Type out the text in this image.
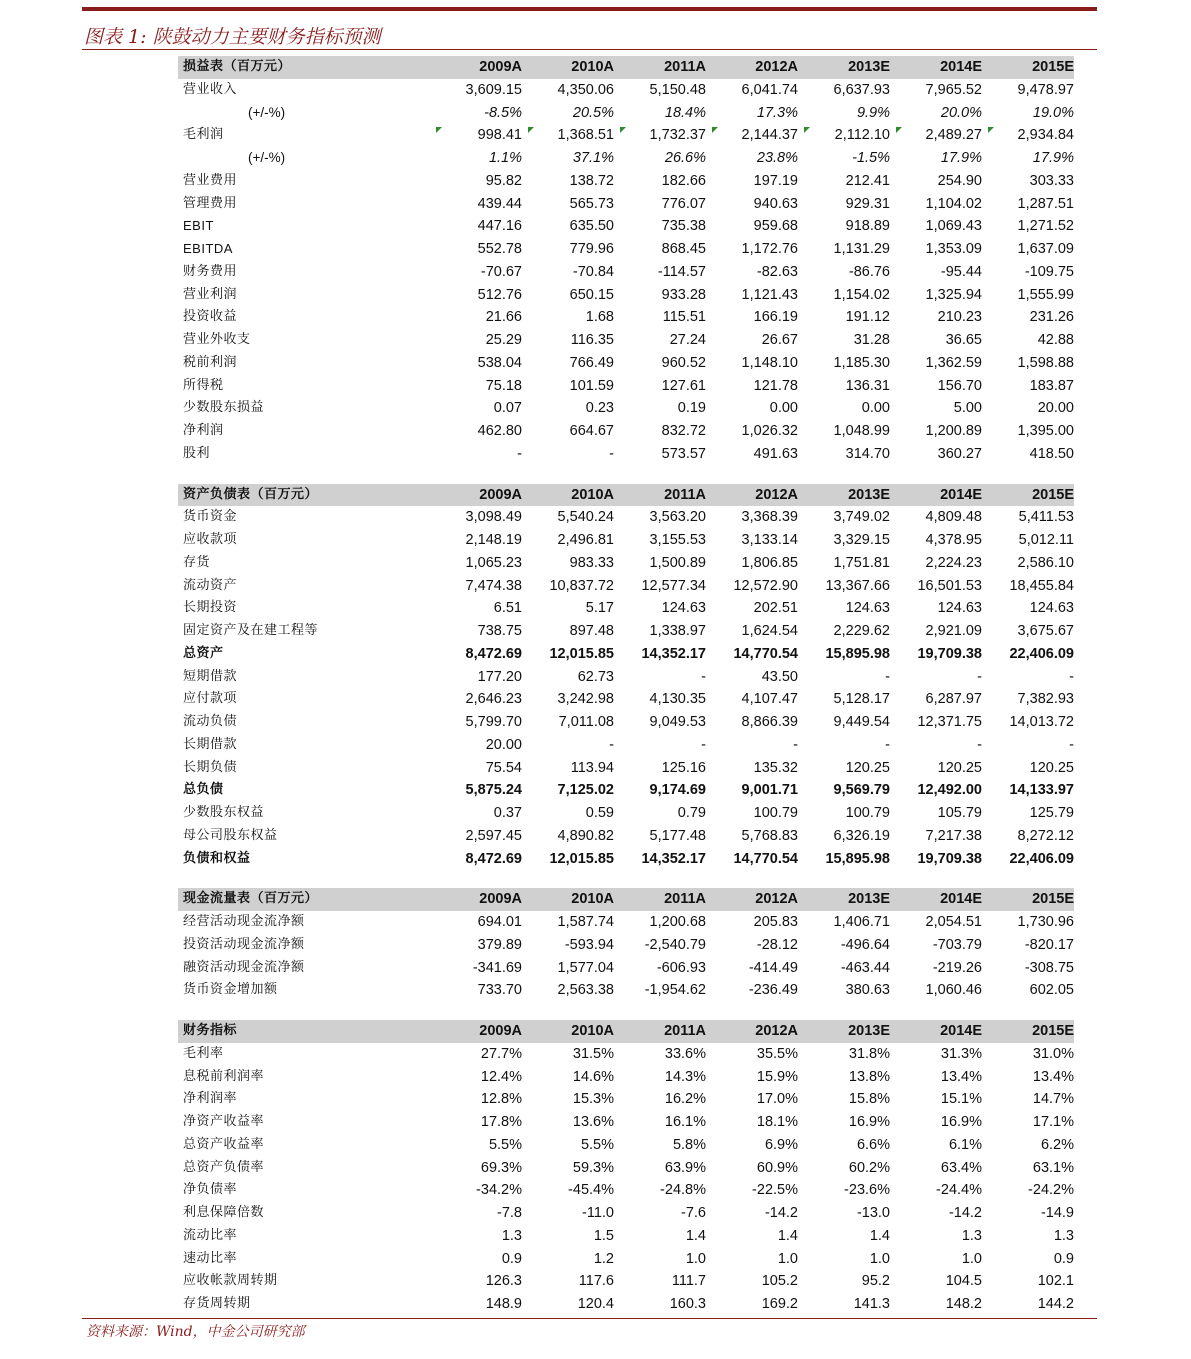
图表 1: 陕鼓动力主要财务指标预测
损益表（百万元）	2009A	2010A	2011A	2012A	2013E	2014E	2015E
营业收入	3,609.15	4,350.06	5,150.48	6,041.74	6,637.93	7,965.52	9,478.97
(+/-%)	-8.5%	20.5%	18.4%	17.3%	9.9%	20.0%	19.0%
毛利润	998.41	1,368.51	1,732.37	2,144.37	2,112.10	2,489.27	2,934.84
(+/-%)	1.1%	37.1%	26.6%	23.8%	-1.5%	17.9%	17.9%
营业费用	95.82	138.72	182.66	197.19	212.41	254.90	303.33
管理费用	439.44	565.73	776.07	940.63	929.31	1,104.02	1,287.51
EBIT	447.16	635.50	735.38	959.68	918.89	1,069.43	1,271.52
EBITDA	552.78	779.96	868.45	1,172.76	1,131.29	1,353.09	1,637.09
财务费用	-70.67	-70.84	-114.57	-82.63	-86.76	-95.44	-109.75
营业利润	512.76	650.15	933.28	1,121.43	1,154.02	1,325.94	1,555.99
投资收益	21.66	1.68	115.51	166.19	191.12	210.23	231.26
营业外收支	25.29	116.35	27.24	26.67	31.28	36.65	42.88
税前利润	538.04	766.49	960.52	1,148.10	1,185.30	1,362.59	1,598.88
所得税	75.18	101.59	127.61	121.78	136.31	156.70	183.87
少数股东损益	0.07	0.23	0.19	0.00	0.00	5.00	20.00
净利润	462.80	664.67	832.72	1,026.32	1,048.99	1,200.89	1,395.00
股利	-	-	573.57	491.63	314.70	360.27	418.50

资产负债表（百万元）	2009A	2010A	2011A	2012A	2013E	2014E	2015E
货币资金	3,098.49	5,540.24	3,563.20	3,368.39	3,749.02	4,809.48	5,411.53
应收款项	2,148.19	2,496.81	3,155.53	3,133.14	3,329.15	4,378.95	5,012.11
存货	1,065.23	983.33	1,500.89	1,806.85	1,751.81	2,224.23	2,586.10
流动资产	7,474.38	10,837.72	12,577.34	12,572.90	13,367.66	16,501.53	18,455.84
长期投资	6.51	5.17	124.63	202.51	124.63	124.63	124.63
固定资产及在建工程等	738.75	897.48	1,338.97	1,624.54	2,229.62	2,921.09	3,675.67
总资产	8,472.69	12,015.85	14,352.17	14,770.54	15,895.98	19,709.38	22,406.09
短期借款	177.20	62.73	-	43.50	-	-	-
应付款项	2,646.23	3,242.98	4,130.35	4,107.47	5,128.17	6,287.97	7,382.93
流动负债	5,799.70	7,011.08	9,049.53	8,866.39	9,449.54	12,371.75	14,013.72
长期借款	20.00	-	-	-	-	-	-
长期负债	75.54	113.94	125.16	135.32	120.25	120.25	120.25
总负债	5,875.24	7,125.02	9,174.69	9,001.71	9,569.79	12,492.00	14,133.97
少数股东权益	0.37	0.59	0.79	100.79	100.79	105.79	125.79
母公司股东权益	2,597.45	4,890.82	5,177.48	5,768.83	6,326.19	7,217.38	8,272.12
负债和权益	8,472.69	12,015.85	14,352.17	14,770.54	15,895.98	19,709.38	22,406.09

现金流量表（百万元）	2009A	2010A	2011A	2012A	2013E	2014E	2015E
经营活动现金流净额	694.01	1,587.74	1,200.68	205.83	1,406.71	2,054.51	1,730.96
投资活动现金流净额	379.89	-593.94	-2,540.79	-28.12	-496.64	-703.79	-820.17
融资活动现金流净额	-341.69	1,577.04	-606.93	-414.49	-463.44	-219.26	-308.75
货币资金增加额	733.70	2,563.38	-1,954.62	-236.49	380.63	1,060.46	602.05

财务指标	2009A	2010A	2011A	2012A	2013E	2014E	2015E
毛利率	27.7%	31.5%	33.6%	35.5%	31.8%	31.3%	31.0%
息税前利润率	12.4%	14.6%	14.3%	15.9%	13.8%	13.4%	13.4%
净利润率	12.8%	15.3%	16.2%	17.0%	15.8%	15.1%	14.7%
净资产收益率	17.8%	13.6%	16.1%	18.1%	16.9%	16.9%	17.1%
总资产收益率	5.5%	5.5%	5.8%	6.9%	6.6%	6.1%	6.2%
总资产负债率	69.3%	59.3%	63.9%	60.9%	60.2%	63.4%	63.1%
净负债率	-34.2%	-45.4%	-24.8%	-22.5%	-23.6%	-24.4%	-24.2%
利息保障倍数	-7.8	-11.0	-7.6	-14.2	-13.0	-14.2	-14.9
流动比率	1.3	1.5	1.4	1.4	1.4	1.3	1.3
速动比率	0.9	1.2	1.0	1.0	1.0	1.0	0.9
应收帐款周转期	126.3	117.6	111.7	105.2	95.2	104.5	102.1
存货周转期	148.9	120.4	160.3	169.2	141.3	148.2	144.2
资料来源：Wind，中金公司研究部
